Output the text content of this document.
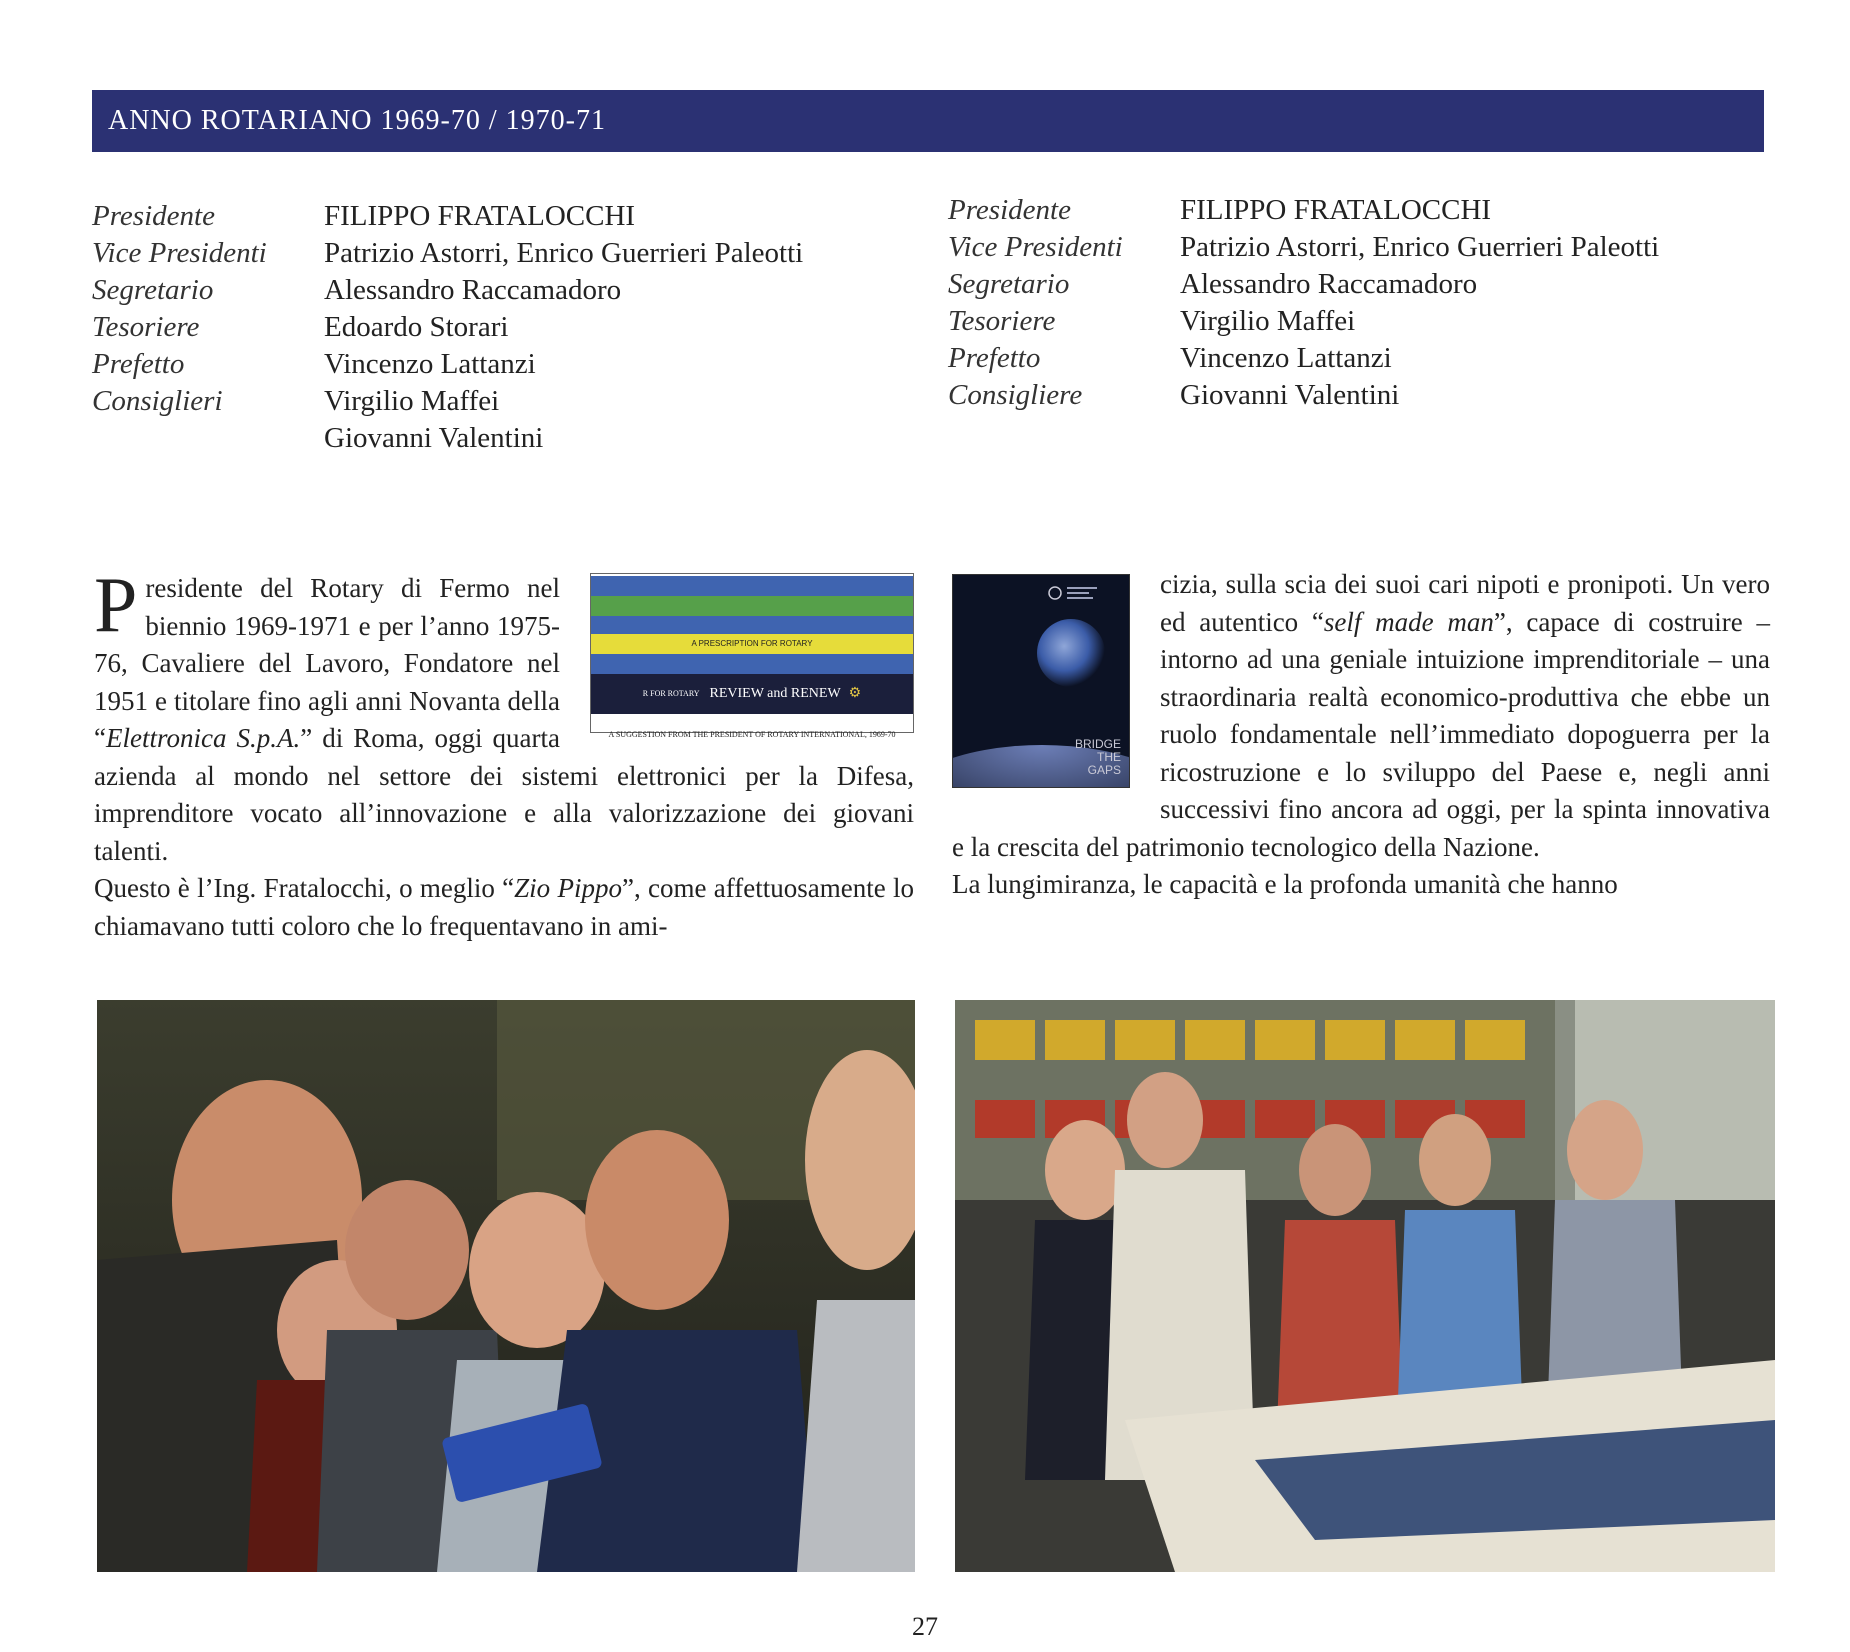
ANNO ROTARIANO 1969-70 / 1970-71
Presidente	FILIPPO FRATALOCCHI
Vice Presidenti	Patrizio Astorri, Enrico Guerrieri Paleotti
Segretario	Alessandro Raccamadoro
Tesoriere	Edoardo Storari
Prefetto	Vincenzo Lattanzi
Consiglieri	Virgilio Maffei
Giovanni Valentini
Presidente	FILIPPO FRATALOCCHI
Vice Presidenti	Patrizio Astorri, Enrico Guerrieri Paleotti
Segretario	Alessandro Raccamadoro
Tesoriere	Virgilio Maffei
Prefetto	Vincenzo Lattanzi
Consigliere	Giovanni Valentini
A PRESCRIPTION FOR ROTARY
R FOR ROTARY REVIEW and RENEW ⚙
A SUGGESTION FROM THE PRESIDENT OF ROTARY INTERNATIONAL, 1969-70

Presidente del Rotary di Fermo nel biennio 1969-1971 e per l’anno 1975-76, Cavaliere del Lavoro, Fondatore nel 1951 e titolare fino agli anni Novanta della “Elettronica S.p.A.” di Roma, oggi quarta azienda al mondo nel settore dei sistemi elettronici per la Difesa, imprenditore vocato all’innovazione e alla valorizzazione dei giovani talenti.

Questo è l’Ing. Fratalocchi, o meglio “Zio Pippo”, come affettuosamente lo chiamavano tutti coloro che lo frequentavano in ami-

BRIDGE
THE
GAPS

cizia, sulla scia dei suoi cari nipoti e pronipoti. Un vero ed autentico “self made man”, capace di costruire – intorno ad una geniale intuizione imprenditoriale – una straordinaria realtà economico-produttiva che ebbe un ruolo fondamentale nell’immediato dopoguerra per la ricostruzione e lo sviluppo del Paese e, negli anni successivi fino ancora ad oggi, per la spinta innovativa e la crescita del patrimonio tecnologico della Nazione.

La lungimiranza, le capacità e la profonda umanità che hanno

27
